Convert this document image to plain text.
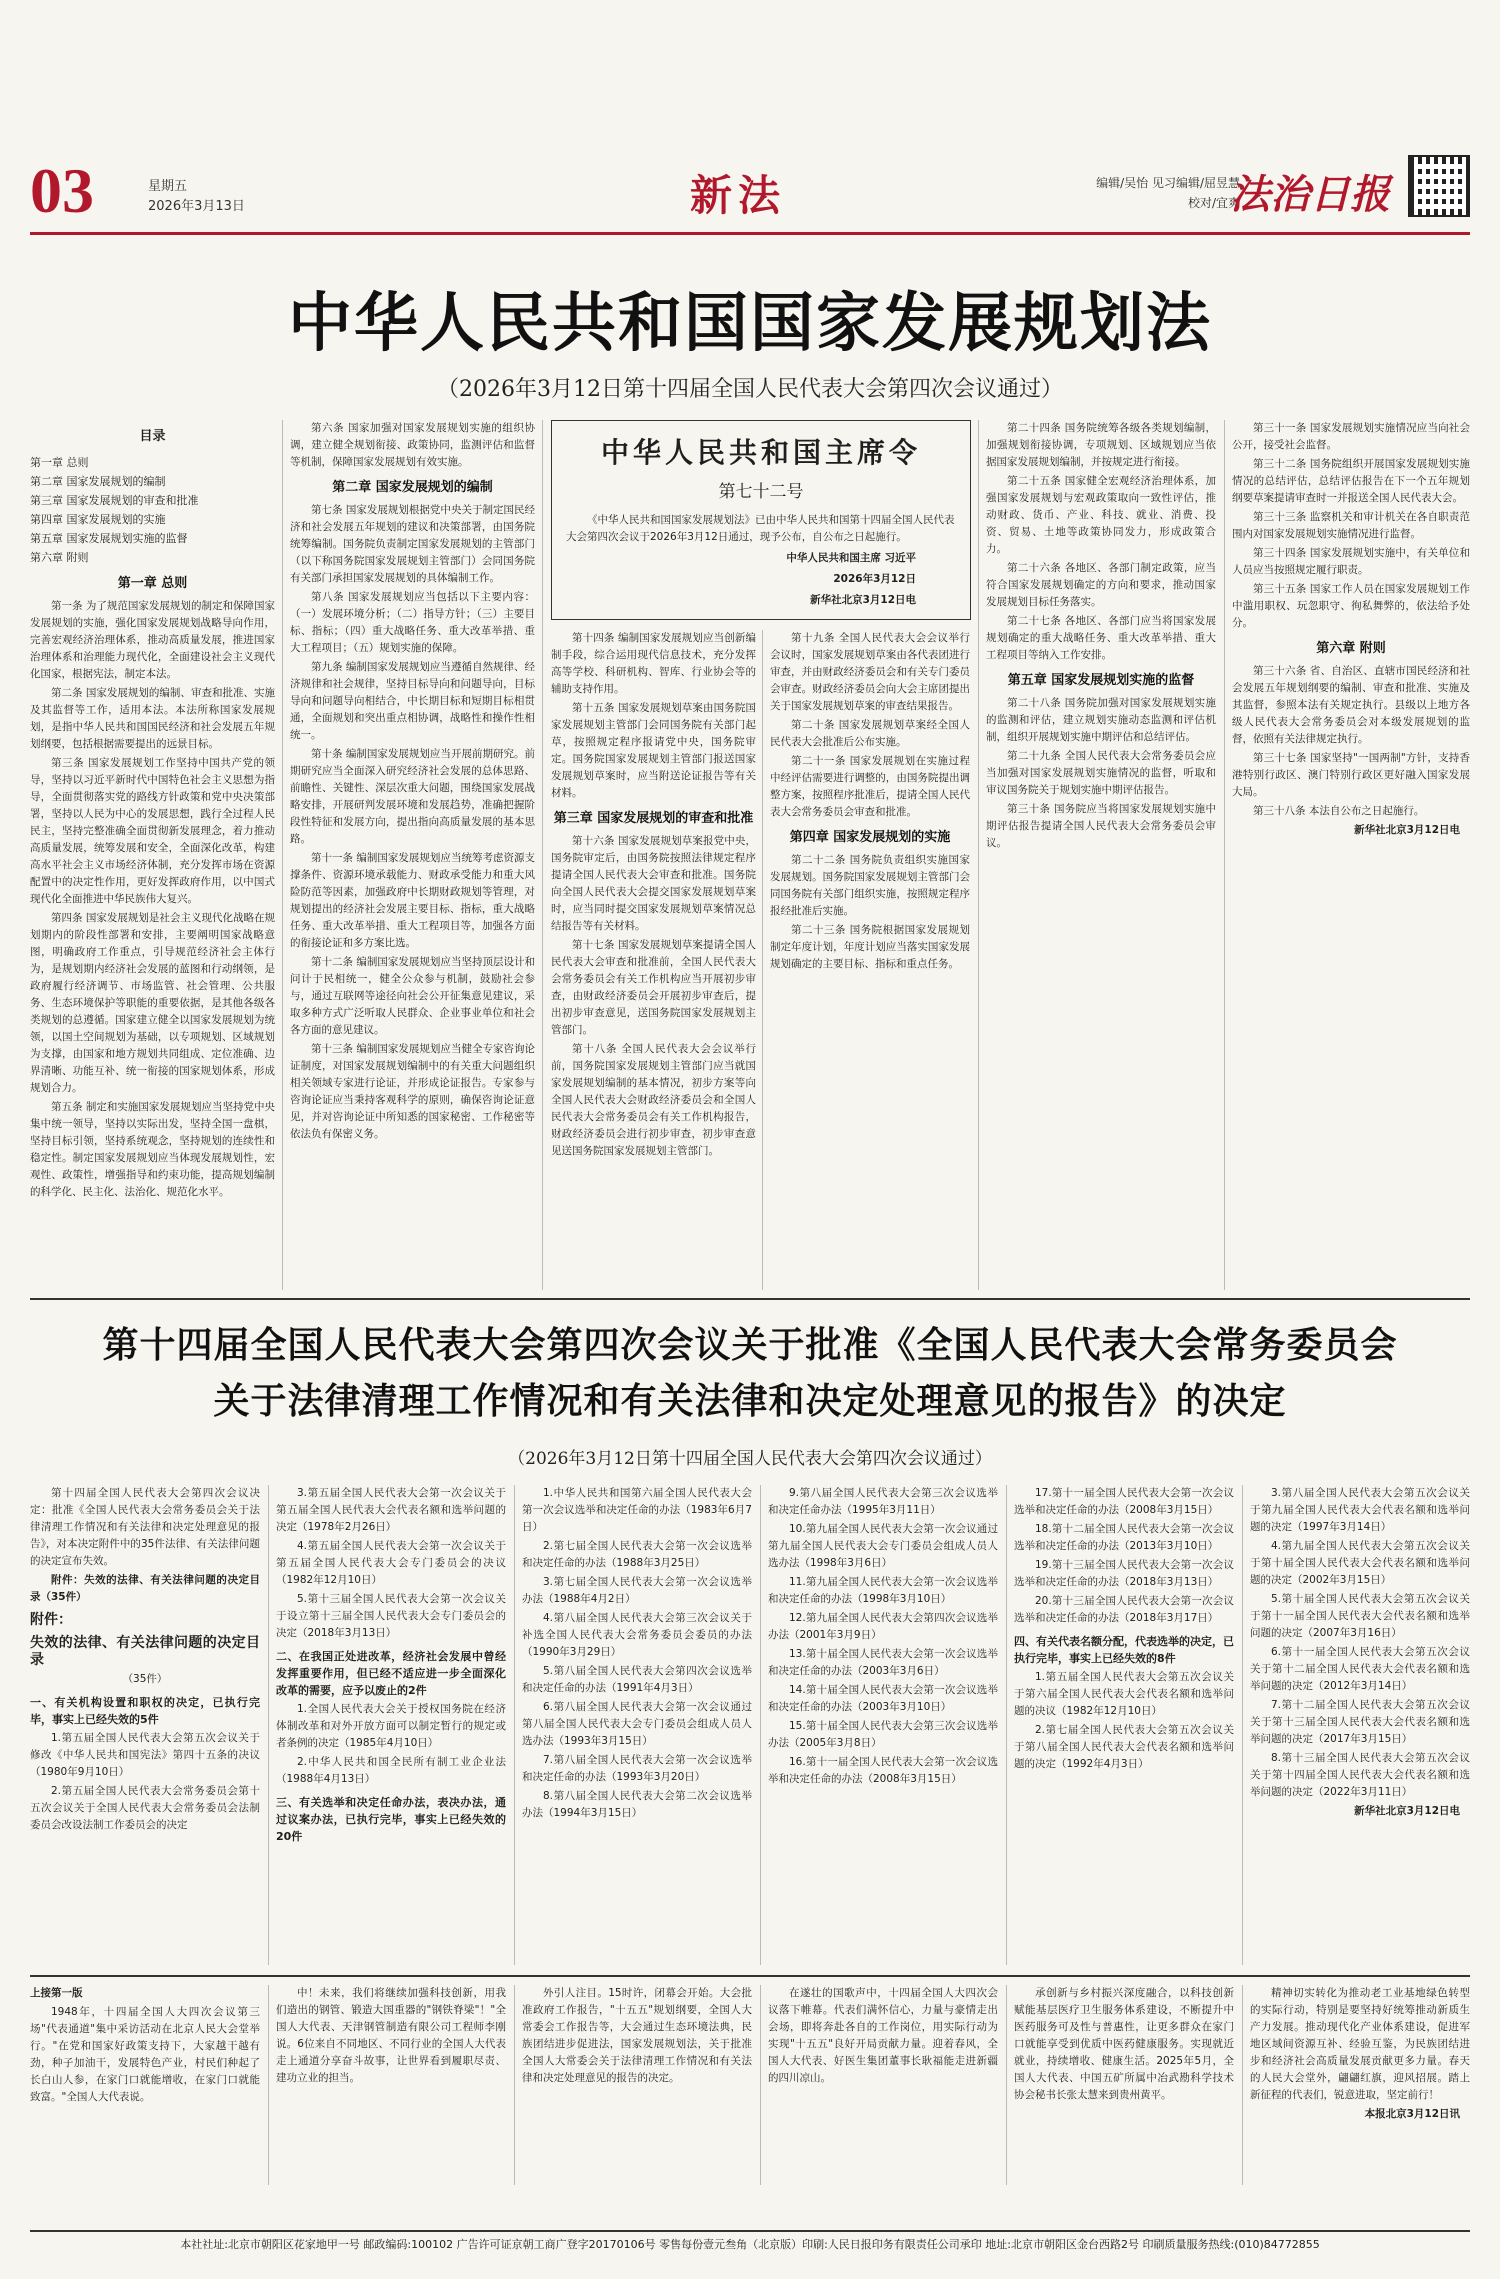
03	星期五
2026年3月13日	新法	编辑/吴怡 见习编辑/屈昱慧
校对/宜爽
法治日报
中华人民共和国国家发展规划法
（2026年3月12日第十四届全国人民代表大会第四次会议通过）
目录
第一章 总则
第二章 国家发展规划的编制
第三章 国家发展规划的审查和批准
第四章 国家发展规划的实施
第五章 国家发展规划实施的监督
第六章 附则
第一章 总则

第一条 为了规范国家发展规划的制定和保障国家发展规划的实施，强化国家发展规划战略导向作用，完善宏观经济治理体系，推动高质量发展，推进国家治理体系和治理能力现代化，全面建设社会主义现代化国家，根据宪法，制定本法。

第二条 国家发展规划的编制、审查和批准、实施及其监督等工作，适用本法。本法所称国家发展规划，是指中华人民共和国国民经济和社会发展五年规划纲要，包括根据需要提出的远景目标。

第三条 国家发展规划工作坚持中国共产党的领导，坚持以习近平新时代中国特色社会主义思想为指导，全面贯彻落实党的路线方针政策和党中央决策部署，坚持以人民为中心的发展思想，践行全过程人民民主，坚持完整准确全面贯彻新发展理念，着力推动高质量发展，统筹发展和安全，全面深化改革，构建高水平社会主义市场经济体制，充分发挥市场在资源配置中的决定性作用，更好发挥政府作用，以中国式现代化全面推进中华民族伟大复兴。

第四条 国家发展规划是社会主义现代化战略在规划期内的阶段性部署和安排，主要阐明国家战略意图，明确政府工作重点，引导规范经济社会主体行为，是规划期内经济社会发展的蓝图和行动纲领，是政府履行经济调节、市场监管、社会管理、公共服务、生态环境保护等职能的重要依据，是其他各级各类规划的总遵循。国家建立健全以国家发展规划为统领，以国土空间规划为基础，以专项规划、区域规划为支撑，由国家和地方规划共同组成、定位准确、边界清晰、功能互补、统一衔接的国家规划体系，形成规划合力。

第五条 制定和实施国家发展规划应当坚持党中央集中统一领导，坚持以实际出发，坚持全国一盘棋，坚持目标引领，坚持系统观念，坚持规划的连续性和稳定性。制定国家发展规划应当体现发展规划性，宏观性、政策性，增强指导和约束功能，提高规划编制的科学化、民主化、法治化、规范化水平。

第六条 国家加强对国家发展规划实施的组织协调，建立健全规划衔接、政策协同，监测评估和监督等机制，保障国家发展规划有效实施。

第二章 国家发展规划的编制

第七条 国家发展规划根据党中央关于制定国民经济和社会发展五年规划的建议和决策部署，由国务院统筹编制。国务院负责制定国家发展规划的主管部门（以下称国务院国家发展规划主管部门）会同国务院有关部门承担国家发展规划的具体编制工作。

第八条 国家发展规划应当包括以下主要内容：（一）发展环境分析；（二）指导方针；（三）主要目标、指标；（四）重大战略任务、重大改革举措、重大工程项目；（五）规划实施的保障。

第九条 编制国家发展规划应当遵循自然规律、经济规律和社会规律，坚持目标导向和问题导向，目标导向和问题导向相结合，中长期目标和短期目标相贯通，全面规划和突出重点相协调，战略性和操作性相统一。

第十条 编制国家发展规划应当开展前期研究。前期研究应当全面深入研究经济社会发展的总体思路、前瞻性、关键性、深层次重大问题，围绕国家发展战略安排，开展研判发展环境和发展趋势，准确把握阶段性特征和发展方向，提出指向高质量发展的基本思路。

第十一条 编制国家发展规划应当统筹考虑资源支撑条件、资源环境承载能力、财政承受能力和重大风险防范等因素，加强政府中长期财政规划等管理，对规划提出的经济社会发展主要目标、指标，重大战略任务、重大改革举措、重大工程项目等，加强各方面的衔接论证和多方案比选。

第十二条 编制国家发展规划应当坚持顶层设计和问计于民相统一，健全公众参与机制，鼓励社会参与，通过互联网等途径向社会公开征集意见建议，采取多种方式广泛听取人民群众、企业事业单位和社会各方面的意见建议。

第十三条 编制国家发展规划应当健全专家咨询论证制度，对国家发展规划编制中的有关重大问题组织相关领域专家进行论证，并形成论证报告。专家参与咨询论证应当秉持客观科学的原则，确保咨询论证意见，并对咨询论证中所知悉的国家秘密、工作秘密等依法负有保密义务。

中华人民共和国主席令
第七十二号
《中华人民共和国国家发展规划法》已由中华人民共和国第十四届全国人民代表大会第四次会议于2026年3月12日通过，现予公布，自公布之日起施行。
中华人民共和国主席 习近平
2026年3月12日
新华社北京3月12日电

第十四条 编制国家发展规划应当创新编制手段，综合运用现代信息技术，充分发挥高等学校、科研机构、智库、行业协会等的辅助支持作用。

第十五条 国家发展规划草案由国务院国家发展规划主管部门会同国务院有关部门起草，按照规定程序报请党中央，国务院审定。国务院国家发展规划主管部门报送国家发展规划草案时，应当附送论证报告等有关材料。

第三章 国家发展规划的审查和批准

第十六条 国家发展规划草案报党中央，国务院审定后，由国务院按照法律规定程序提请全国人民代表大会审查和批准。国务院向全国人民代表大会提交国家发展规划草案时，应当同时提交国家发展规划草案情况总结报告等有关材料。

第十七条 国家发展规划草案提请全国人民代表大会审查和批准前，全国人民代表大会常务委员会有关工作机构应当开展初步审查，由财政经济委员会开展初步审查后，提出初步审查意见，送国务院国家发展规划主管部门。

第十八条 全国人民代表大会会议举行前，国务院国家发展规划主管部门应当就国家发展规划编制的基本情况，初步方案等向全国人民代表大会财政经济委员会和全国人民代表大会常务委员会有关工作机构报告，财政经济委员会进行初步审查，初步审查意见送国务院国家发展规划主管部门。

第十九条 全国人民代表大会会议举行会议时，国家发展规划草案由各代表团进行审查，并由财政经济委员会和有关专门委员会审查。财政经济委员会向大会主席团提出关于国家发展规划草案的审查结果报告。

第二十条 国家发展规划草案经全国人民代表大会批准后公布实施。

第二十一条 国家发展规划在实施过程中经评估需要进行调整的，由国务院提出调整方案，按照程序批准后，提请全国人民代表大会常务委员会审查和批准。

第四章 国家发展规划的实施

第二十二条 国务院负责组织实施国家发展规划。国务院国家发展规划主管部门会同国务院有关部门组织实施，按照规定程序报经批准后实施。

第二十三条 国务院根据国家发展规划制定年度计划，年度计划应当落实国家发展规划确定的主要目标、指标和重点任务。

第二十四条 国务院统筹各级各类规划编制，加强规划衔接协调，专项规划、区域规划应当依据国家发展规划编制，并按规定进行衔接。

第二十五条 国家健全宏观经济治理体系，加强国家发展规划与宏观政策取向一致性评估，推动财政、货币、产业、科技、就业、消费、投资、贸易、土地等政策协同发力，形成政策合力。

第二十六条 各地区、各部门制定政策，应当符合国家发展规划确定的方向和要求，推动国家发展规划目标任务落实。

第二十七条 各地区、各部门应当将国家发展规划确定的重大战略任务、重大改革举措、重大工程项目等纳入工作安排。

第五章 国家发展规划实施的监督

第二十八条 国务院加强对国家发展规划实施的监测和评估，建立规划实施动态监测和评估机制，组织开展规划实施中期评估和总结评估。

第二十九条 全国人民代表大会常务委员会应当加强对国家发展规划实施情况的监督，听取和审议国务院关于规划实施中期评估报告。

第三十条 国务院应当将国家发展规划实施中期评估报告提请全国人民代表大会常务委员会审议。

第三十一条 国家发展规划实施情况应当向社会公开，接受社会监督。

第三十二条 国务院组织开展国家发展规划实施情况的总结评估，总结评估报告在下一个五年规划纲要草案提请审查时一并报送全国人民代表大会。

第三十三条 监察机关和审计机关在各自职责范围内对国家发展规划实施情况进行监督。

第三十四条 国家发展规划实施中，有关单位和人员应当按照规定履行职责。

第三十五条 国家工作人员在国家发展规划工作中滥用职权、玩忽职守、徇私舞弊的，依法给予处分。

第六章 附则

第三十六条 省、自治区、直辖市国民经济和社会发展五年规划纲要的编制、审查和批准、实施及其监督，参照本法有关规定执行。县级以上地方各级人民代表大会常务委员会对本级发展规划的监督，依照有关法律规定执行。

第三十七条 国家坚持"一国两制"方针，支持香港特别行政区、澳门特别行政区更好融入国家发展大局。

第三十八条 本法自公布之日起施行。

新华社北京3月12日电

第十四届全国人民代表大会第四次会议关于批准《全国人民代表大会常务委员会
关于法律清理工作情况和有关法律和决定处理意见的报告》的决定
（2026年3月12日第十四届全国人民代表大会第四次会议通过）

第十四届全国人民代表大会第四次会议决定：批准《全国人民代表大会常务委员会关于法律清理工作情况和有关法律和决定处理意见的报告》，对本决定附件中的35件法律、有关法律问题的决定宣布失效。

附件：失效的法律、有关法律问题的决定目录（35件）

附件：

失效的法律、有关法律问题的决定目录

（35件）

一、有关机构设置和职权的决定，已执行完毕，事实上已经失效的5件

1.第五届全国人民代表大会第五次会议关于修改《中华人民共和国宪法》第四十五条的决议（1980年9月10日）

2.第五届全国人民代表大会常务委员会第十五次会议关于全国人民代表大会常务委员会法制委员会改设法制工作委员会的决定

3.第五届全国人民代表大会第一次会议关于第五届全国人民代表大会代表名额和选举问题的决定（1978年2月26日）

4.第五届全国人民代表大会第一次会议关于第五届全国人民代表大会专门委员会的决议（1982年12月10日）

5.第十三届全国人民代表大会第一次会议关于设立第十三届全国人民代表大会专门委员会的决定（2018年3月13日）

二、在我国正处进改革，经济社会发展中曾经发挥重要作用，但已经不适应进一步全面深化改革的需要，应予以废止的2件

1.全国人民代表大会关于授权国务院在经济体制改革和对外开放方面可以制定暂行的规定或者条例的决定（1985年4月10日）

2.中华人民共和国全民所有制工业企业法（1988年4月13日）

三、有关选举和决定任命办法，表决办法，通过议案办法，已执行完毕，事实上已经失效的20件

1.中华人民共和国第六届全国人民代表大会第一次会议选举和决定任命的办法（1983年6月7日）

2.第七届全国人民代表大会第一次会议选举和决定任命的办法（1988年3月25日）

3.第七届全国人民代表大会第一次会议选举办法（1988年4月2日）

4.第八届全国人民代表大会第三次会议关于补选全国人民代表大会常务委员会委员的办法（1990年3月29日）

5.第八届全国人民代表大会第四次会议选举和决定任命的办法（1991年4月3日）

6.第八届全国人民代表大会第一次会议通过第八届全国人民代表大会专门委员会组成人员人选办法（1993年3月15日）

7.第八届全国人民代表大会第一次会议选举和决定任命的办法（1993年3月20日）

8.第八届全国人民代表大会第二次会议选举办法（1994年3月15日）

9.第八届全国人民代表大会第三次会议选举和决定任命办法（1995年3月11日）

10.第九届全国人民代表大会第一次会议通过第九届全国人民代表大会专门委员会组成人员人选办法（1998年3月6日）

11.第九届全国人民代表大会第一次会议选举和决定任命的办法（1998年3月10日）

12.第九届全国人民代表大会第四次会议选举办法（2001年3月9日）

13.第十届全国人民代表大会第一次会议选举和决定任命的办法（2003年3月6日）

14.第十届全国人民代表大会第一次会议选举和决定任命的办法（2003年3月10日）

15.第十届全国人民代表大会第三次会议选举办法（2005年3月8日）

16.第十一届全国人民代表大会第一次会议选举和决定任命的办法（2008年3月15日）

17.第十一届全国人民代表大会第一次会议选举和决定任命的办法（2008年3月15日）

18.第十二届全国人民代表大会第一次会议选举和决定任命的办法（2013年3月10日）

19.第十三届全国人民代表大会第一次会议选举和决定任命的办法（2018年3月13日）

20.第十三届全国人民代表大会第一次会议选举和决定任命的办法（2018年3月17日）

四、有关代表名额分配，代表选举的决定，已执行完毕，事实上已经失效的8件

1.第五届全国人民代表大会第五次会议关于第六届全国人民代表大会代表名额和选举问题的决议（1982年12月10日）

2.第七届全国人民代表大会第五次会议关于第八届全国人民代表大会代表名额和选举问题的决定（1992年4月3日）

3.第八届全国人民代表大会第五次会议关于第九届全国人民代表大会代表名额和选举问题的决定（1997年3月14日）

4.第九届全国人民代表大会第五次会议关于第十届全国人民代表大会代表名额和选举问题的决定（2002年3月15日）

5.第十届全国人民代表大会第五次会议关于第十一届全国人民代表大会代表名额和选举问题的决定（2007年3月16日）

6.第十一届全国人民代表大会第五次会议关于第十二届全国人民代表大会代表名额和选举问题的决定（2012年3月14日）

7.第十二届全国人民代表大会第五次会议关于第十三届全国人民代表大会代表名额和选举问题的决定（2017年3月15日）

8.第十三届全国人民代表大会第五次会议关于第十四届全国人民代表大会代表名额和选举问题的决定（2022年3月11日）

新华社北京3月12日电

上接第一版

1948年，十四届全国人大四次会议第三场"代表通道"集中采访活动在北京人民大会堂举行。"在党和国家好政策支持下，大家越干越有劲，种子加油干，发展特色产业，村民们种起了长白山人参，在家门口就能增收，在家门口就能致富。"全国人大代表说。

中！未来，我们将继续加强科技创新，用我们造出的钢管、锻造大国重器的"钢铁脊梁"！"全国人大代表、天津钢管制造有限公司工程师李刚说。6位来自不同地区、不同行业的全国人大代表走上通道分享奋斗故事，让世界看到履职尽责、建功立业的担当。

外引人注目。15时许，闭幕会开始。大会批准政府工作报告，"十五五"规划纲要，全国人大常委会工作报告等，大会通过生态环境法典，民族团结进步促进法，国家发展规划法，关于批准全国人大常委会关于法律清理工作情况和有关法律和决定处理意见的报告的决定。

在遂壮的国歌声中，十四届全国人大四次会议落下帷幕。代表们满怀信心，力量与豪情走出会场，即将奔赴各自的工作岗位，用实际行动为实现"十五五"良好开局贡献力量。迎着春风，全国人大代表、好医生集团董事长耿福能走进新疆的四川凉山。

承创新与乡村振兴深度融合，以科技创新赋能基层医疗卫生服务体系建设，不断提升中医药服务可及性与普惠性，让更多群众在家门口就能享受到优质中医药健康服务。实现就近就业，持续增收、健康生活。2025年5月，全国人大代表、中国五矿所属中冶武勘科学技术协会秘书长张太慧来到贵州黄平。

精神切实转化为推动老工业基地绿色转型的实际行动，特别是要坚持好统筹推动新质生产力发展。推动现代化产业体系建设，促进军地区域间资源互补、经验互鉴，为民族团结进步和经济社会高质量发展贡献更多力量。春天的人民大会堂外，翩翩红旗，迎风招展。踏上新征程的代表们，锐意进取，坚定前行！

本报北京3月12日讯

本社社址:北京市朝阳区花家地甲一号 邮政编码:100102 广告许可证京朝工商广登字20170106号 零售每份壹元叁角（北京版）印刷:人民日报印务有限责任公司承印 地址:北京市朝阳区金台西路2号 印刷质量服务热线:(010)84772855
